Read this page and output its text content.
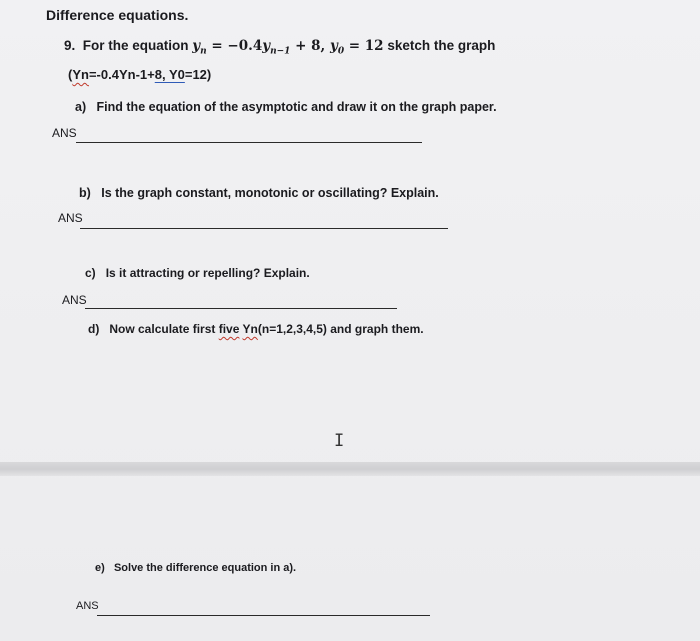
Difference equations.
9. For the equation $y_n = -0.4y_{n-1} + 8$, $y_0 = 12$ sketch the graph
(Yn=-0.4Yn-1+8, Y0=12)
a) Find the equation of the asymptotic and draw it on the graph paper.
ANS
b) Is the graph constant, monotonic or oscillating? Explain.
ANS
c) Is it attracting or repelling? Explain.
ANS
d) Now calculate first five Yn(n=1,2,3,4,5) and graph them.
I
e) Solve the difference equation in a).
ANS
